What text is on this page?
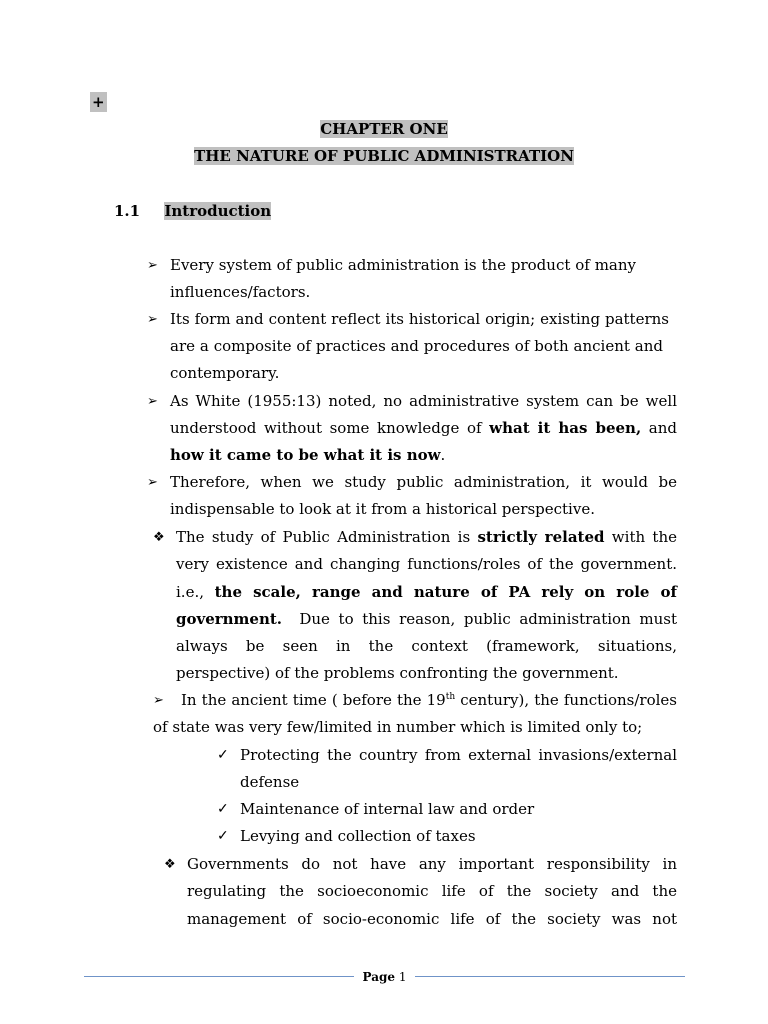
+
CHAPTER ONE
THE NATURE OF PUBLIC ADMINISTRATION
1.1 Introduction
➢ Every system of public administration is the product of many
influences/factors.
➢ Its form and content reflect its historical origin; existing patterns
are a composite of practices and procedures of both ancient and
contemporary.
➢ As White (1955:13) noted, no administrative system can be well
understood without some knowledge of what it has been, and
how it came to be what it is now.
➢ Therefore, when we study public administration, it would be
indispensable to look at it from a historical perspective.
❖ The study of Public Administration is strictly related with the
very existence and changing functions/roles of the government.
i.e., the scale, range and nature of PA rely on role of
government.  Due to this reason, public administration must
always be seen in the context (framework, situations,
perspective) of the problems confronting the government.
➢ In the ancient time ( before the 19th century), the functions/roles
of state was very few/limited in number which is limited only to;
✓ Protecting the country from external invasions/external
defense
✓ Maintenance of internal law and order
✓ Levying and collection of taxes
❖ Governments do not have any important responsibility in
regulating the socioeconomic life of the society and the
management of socio-economic life of the society was not
Page 1
